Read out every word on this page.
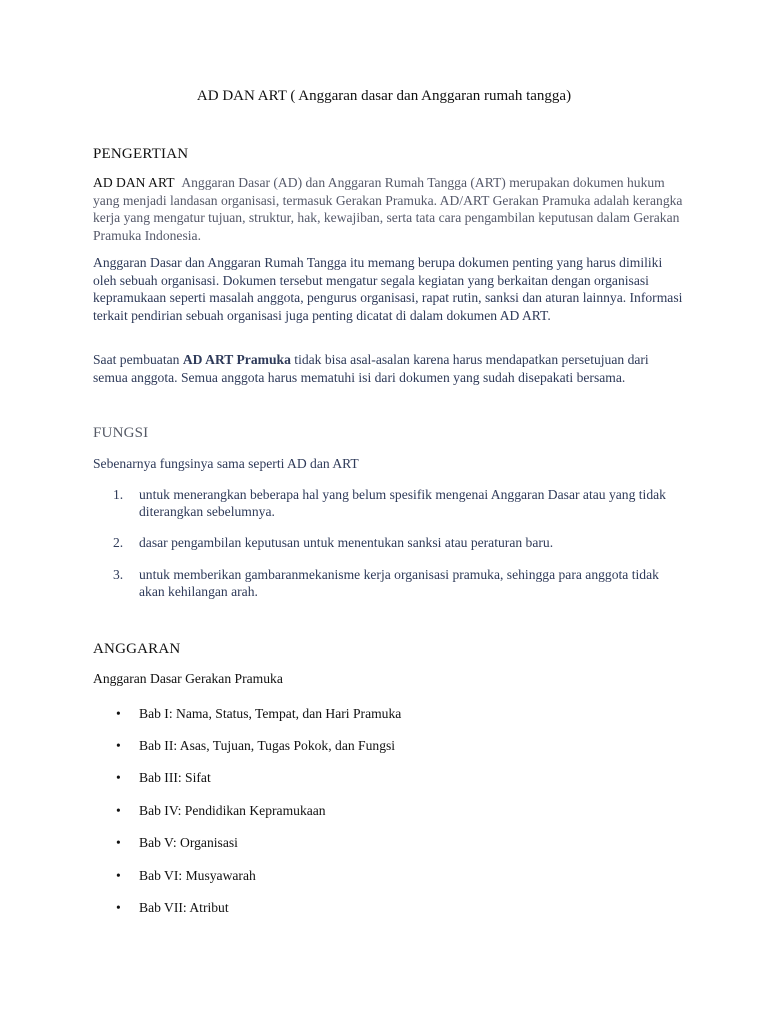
AD DAN ART ( Anggaran dasar dan Anggaran rumah tangga)
PENGERTIAN

AD DAN ART Anggaran Dasar (AD) dan Anggaran Rumah Tangga (ART) merupakan dokumen hukum yang menjadi landasan organisasi, termasuk Gerakan Pramuka. AD/ART Gerakan Pramuka adalah kerangka kerja yang mengatur tujuan, struktur, hak, kewajiban, serta tata cara pengambilan keputusan dalam Gerakan Pramuka Indonesia.

Anggaran Dasar dan Anggaran Rumah Tangga itu memang berupa dokumen penting yang harus dimiliki oleh sebuah organisasi. Dokumen tersebut mengatur segala kegiatan yang berkaitan dengan organisasi kepramukaan seperti masalah anggota, pengurus organisasi, rapat rutin, sanksi dan aturan lainnya. Informasi terkait pendirian sebuah organisasi juga penting dicatat di dalam dokumen AD ART.

Saat pembuatan AD ART Pramuka tidak bisa asal-asalan karena harus mendapatkan persetujuan dari semua anggota. Semua anggota harus mematuhi isi dari dokumen yang sudah disepakati bersama.

FUNGSI

Sebenarnya fungsinya sama seperti AD dan ART

1. untuk menerangkan beberapa hal yang belum spesifik mengenai Anggaran Dasar atau yang tidak diterangkan sebelumnya.
2. dasar pengambilan keputusan untuk menentukan sanksi atau peraturan baru.
3. untuk memberikan gambaranmekanisme kerja organisasi pramuka, sehingga para anggota tidak akan kehilangan arah.
ANGGARAN

Anggaran Dasar Gerakan Pramuka

• Bab I: Nama, Status, Tempat, dan Hari Pramuka
• Bab II: Asas, Tujuan, Tugas Pokok, dan Fungsi
• Bab III: Sifat
• Bab IV: Pendidikan Kepramukaan
• Bab V: Organisasi
• Bab VI: Musyawarah
• Bab VII: Atribut
